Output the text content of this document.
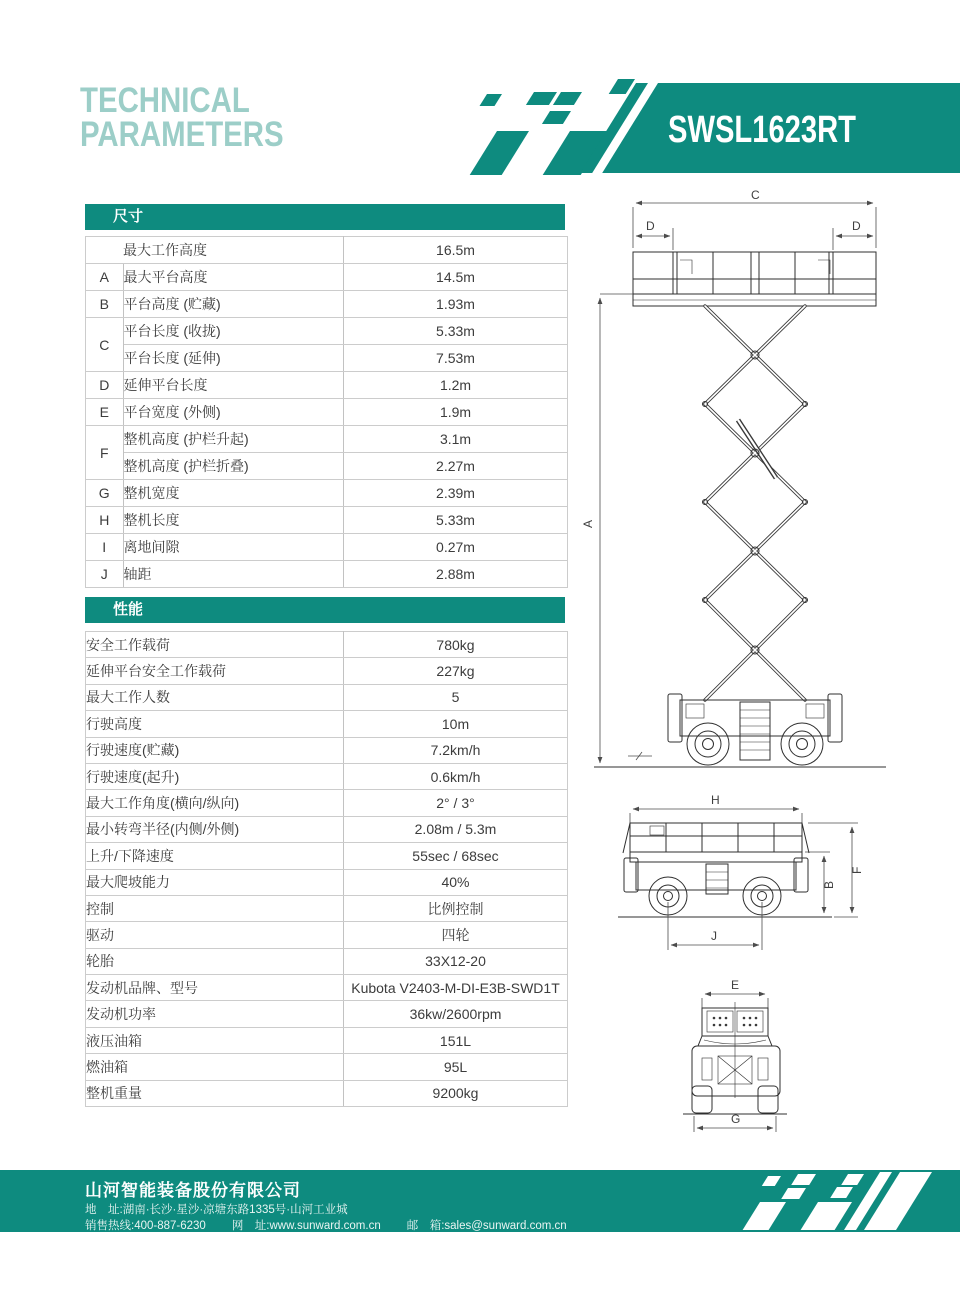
TECHNICAL
PARAMETERS	SWSL1623RT
尺寸
	最大工作高度	16.5m
A	最大平台高度	14.5m
B	平台高度 (贮藏)	1.93m
C	平台长度 (收拢)	5.33m
	平台长度 (延伸)	7.53m
D	延伸平台长度	1.2m
E	平台宽度 (外侧)	1.9m
F	整机高度 (护栏升起)	3.1m
	整机高度 (护栏折叠)	2.27m
G	整机宽度	2.39m
H	整机长度	5.33m
I	离地间隙	0.27m
J	轴距	2.88m
性能
安全工作载荷	780kg
延伸平台安全工作载荷	227kg
最大工作人数	5
行驶高度	10m
行驶速度(贮藏)	7.2km/h
行驶速度(起升)	0.6km/h
最大工作角度(横向/纵向)	2° / 3°
最小转弯半径(内侧/外侧)	2.08m / 5.3m
上升/下降速度	55sec / 68sec
最大爬坡能力	40%
控制	比例控制
驱动	四轮
轮胎	33X12-20
发动机品牌、型号	Kubota V2403-M-DI-E3B-SWD1T
发动机功率	36kw/2600rpm
液压油箱	151L
燃油箱	95L
整机重量	9200kg
C
D	D
A
H
F
B
J
E
G
山河智能装备股份有限公司
地　址:湖南·长沙·星沙·凉塘东路1335号·山河工业城
销售热线:400-887-6230 网　址:www.sunward.com.cn 邮　箱:sales@sunward.com.cn
